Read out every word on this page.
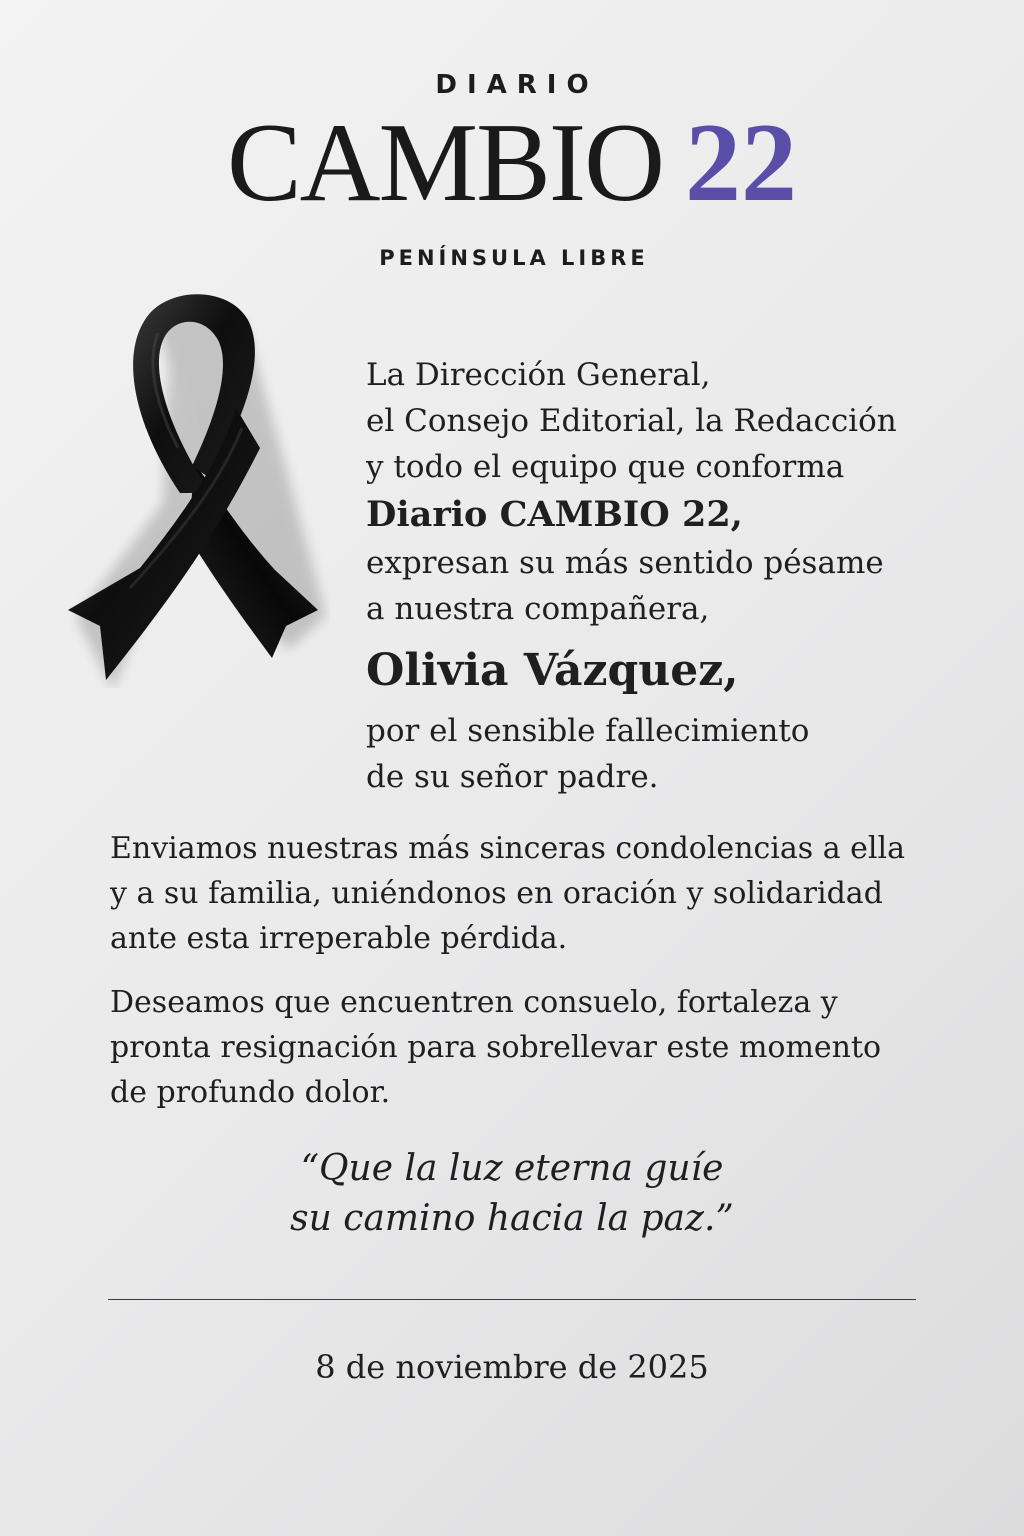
DIARIO
CAMBIO 22
PENÍNSULA LIBRE
La Dirección General,
el Consejo Editorial, la Redacción
y todo el equipo que conforma
Diario CAMBIO 22,
expresan su más sentido pésame
a nuestra compañera,
Olivia Vázquez,
por el sensible fallecimiento
de su señor padre.
Enviamos nuestras más sinceras condolencias a ella
y a su familia, uniéndonos en oración y solidaridad
ante esta irreperable pérdida.
Deseamos que encuentren consuelo, fortaleza y
pronta resignación para sobrellevar este momento
de profundo dolor.
“Que la luz eterna guíe
su camino hacia la paz.”
8 de noviembre de 2025
